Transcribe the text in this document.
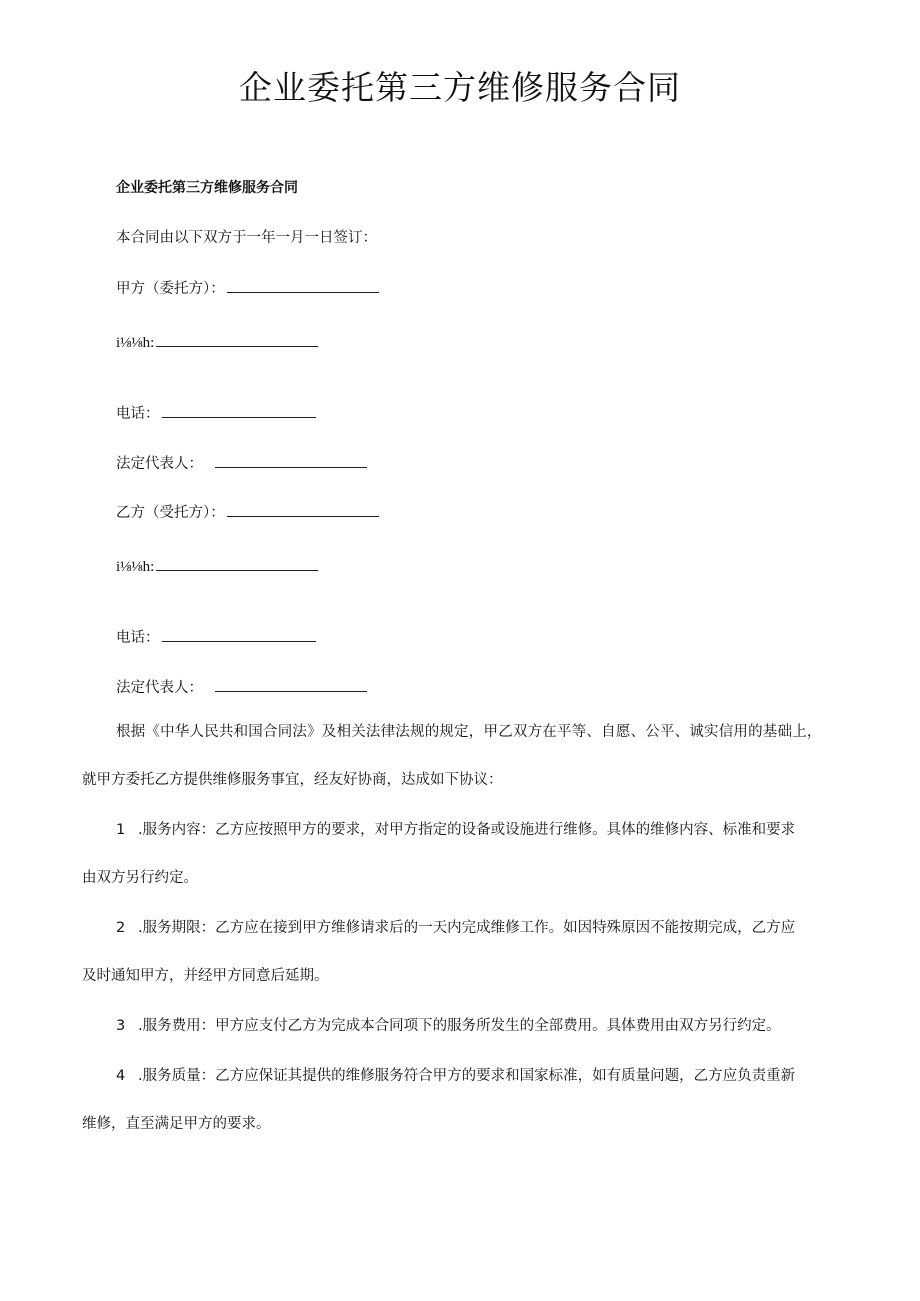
企业委托第三方维修服务合同
企业委托第三方维修服务合同
本合同由以下双方于一年一月一日签订：
甲方（委托方）：
i⅛⅛h:
电话：
法定代表人：
乙方（受托方）：
i⅛⅛h:
电话：
法定代表人：
根据《中华人民共和国合同法》及相关法律法规的规定，甲乙双方在平等、自愿、公平、诚实信用的基础上，
就甲方委托乙方提供维修服务事宜，经友好协商，达成如下协议：
1 .服务内容：乙方应按照甲方的要求，对甲方指定的设备或设施进行维修。具体的维修内容、标准和要求
由双方另行约定。
2 .服务期限：乙方应在接到甲方维修请求后的一天内完成维修工作。如因特殊原因不能按期完成，乙方应
及时通知甲方，并经甲方同意后延期。
3 .服务费用：甲方应支付乙方为完成本合同项下的服务所发生的全部费用。具体费用由双方另行约定。
4 .服务质量：乙方应保证其提供的维修服务符合甲方的要求和国家标准，如有质量问题，乙方应负责重新
维修，直至满足甲方的要求。
